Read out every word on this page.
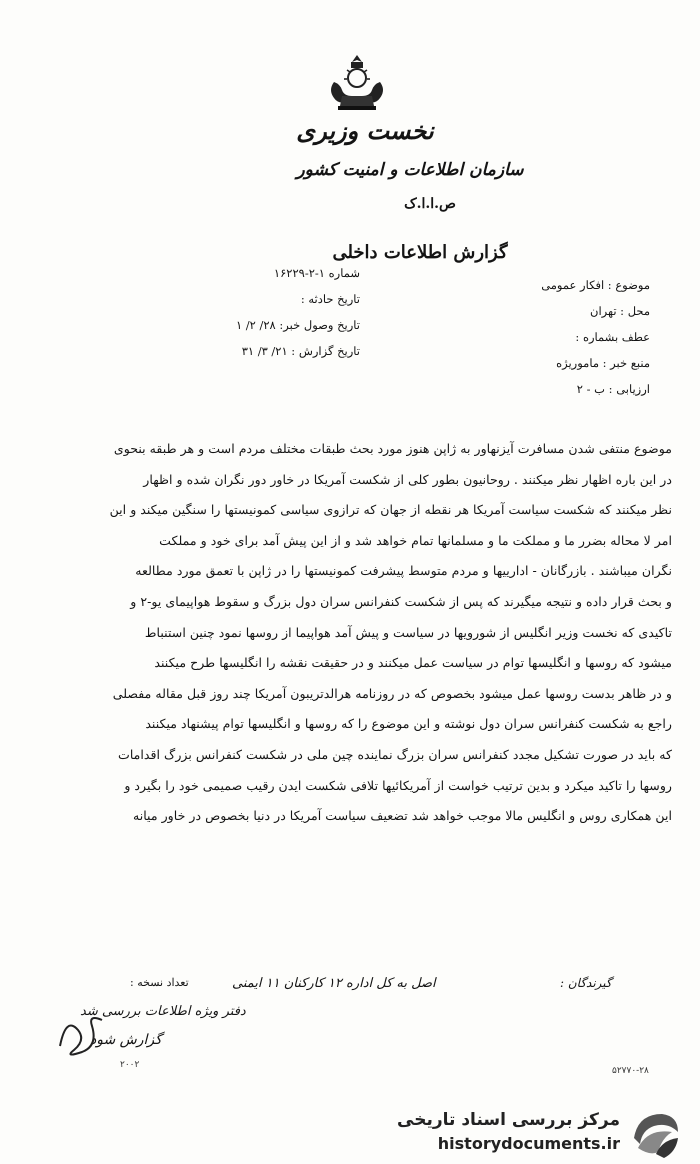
نخست وزیری
سازمان اطلاعات و امنیت کشور
ص.ا.ا.ک
گزارش اطلاعات داخلی
شماره ۱-۲-۱۶۲۲۹
تاریخ حادثه :
تاریخ وصول خبر: ۲۸/ ۲/ ۱
تاریخ گزارش : ۲۱/ ۳/ ۳۱
موضوع : افکار عمومی
محل : تهران
عطف بشماره :
منبع خبر : ماموریژه
ارزیابی : ب - ۲

موضوع منتفی شدن مسافرت آیزنهاور به ژاپن هنوز مورد بحث طبقات مختلف مردم است و هر طبقه بنحوی

در این باره اظهار نظر میکنند . روحانیون بطور کلی از شکست آمریکا در خاور دور نگران شده و اظهار

نظر میکنند که شکست سیاست آمریکا هر نقطه از جهان که ترازوی سیاسی کمونیستها را سنگین میکند و این

امر لا محاله بضرر ما و مملکت ما و مسلمانها تمام خواهد شد و از این پیش آمد برای خود و مملکت

نگران میباشند . بازرگانان - ادارییها و مردم متوسط پیشرفت کمونیستها را در ژاپن با تعمق مورد مطالعه

و بحث قرار داده و نتیجه میگیرند که پس از شکست کنفرانس سران دول بزرگ و سقوط هواپیمای یو-۲ و

تاکیدی که نخست وزیر انگلیس از شورویها در سیاست و پیش آمد هواپیما از روسها نمود چنین استنباط

میشود که روسها و انگلیسها توام در سیاست عمل میکنند و در حقیقت نقشه را انگلیسها طرح میکنند

و در ظاهر بدست روسها عمل میشود بخصوص که در روزنامه هرالدتریبون آمریکا چند روز قبل مقاله مفصلی

راجع به شکست کنفرانس سران دول نوشته و این موضوع را که روسها و انگلیسها توام پیشنهاد میکنند

که باید در صورت تشکیل مجدد کنفرانس سران بزرگ نماینده چین ملی در شکست کنفرانس بزرگ اقدامات

روسها را تاکید میکرد و بدین ترتیب خواست از آمریکائیها تلافی شکست ایدن رقیب صمیمی خود را بگیرد و

این همکاری روس و انگلیس مالا موجب خواهد شد تضعیف سیاست آمریکا در دنیا بخصوص در خاور میانه

گیرندگان :
تعداد نسخه :	اصل به کل اداره ۱۲ کارکنان ۱۱ ایمنی
دفتر ویژه اطلاعات بررسی شد
گزارش شود
۲۰۰۲
۵۲۷۷۰-۲۸
مرکز بررسی اسناد تاریخی
historydocuments.ir
